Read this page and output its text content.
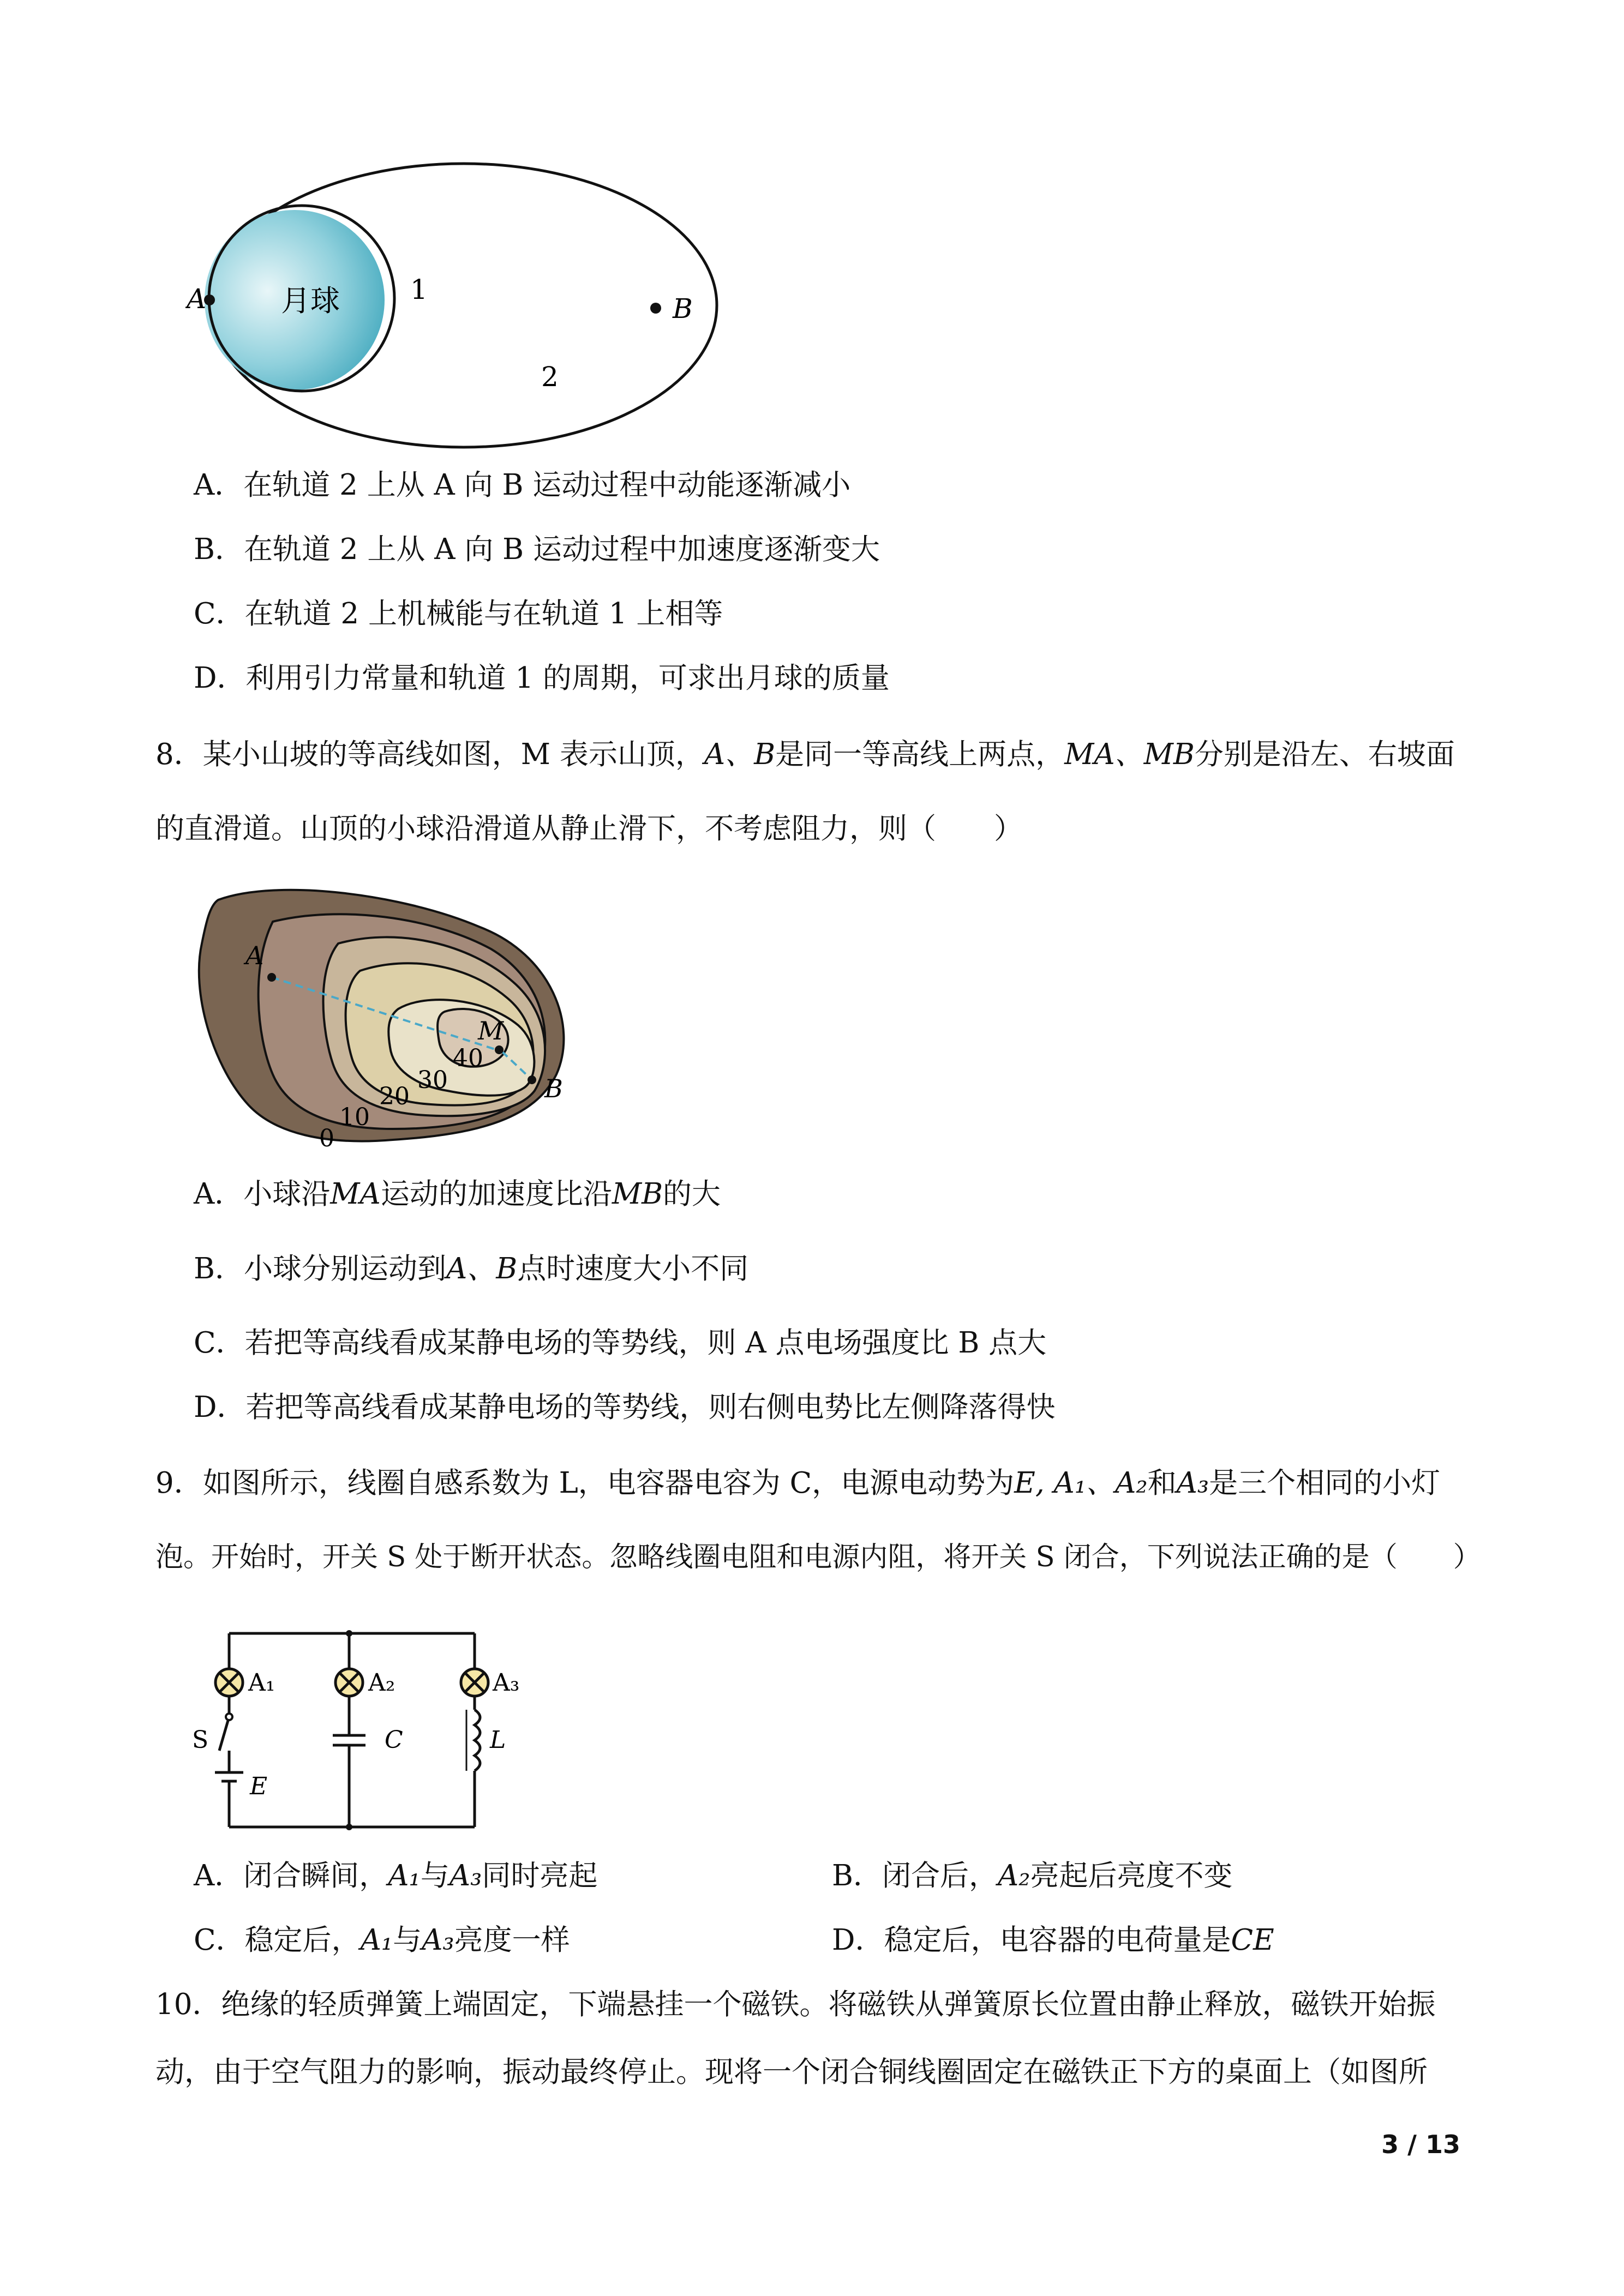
月球
A	B
1
2
A．在轨道 2 上从 A 向 B 运动过程中动能逐渐减小
B．在轨道 2 上从 A 向 B 运动过程中加速度逐渐变大
C．在轨道 2 上机械能与在轨道 1 上相等
D．利用引力常量和轨道 1 的周期，可求出月球的质量
8．某小山坡的等高线如图，M 表示山顶，A、B是同一等高线上两点，MA、MB分别是沿左、右坡面
的直滑道。山顶的小球沿滑道从静止滑下，不考虑阻力，则（　　）
A
M
B
40
30
20
10
0
A．小球沿MA运动的加速度比沿MB的大
B．小球分别运动到A、B点时速度大小不同
C．若把等高线看成某静电场的等势线，则 A 点电场强度比 B 点大
D．若把等高线看成某静电场的等势线，则右侧电势比左侧降落得快
9．如图所示，线圈自感系数为 L，电容器电容为 C，电源电动势为E, A₁、A₂和A₃是三个相同的小灯
泡。开始时，开关 S 处于断开状态。忽略线圈电阻和电源内阻，将开关 S 闭合，下列说法正确的是（　　）
A₁	A₂	A₃
S	C	L
E
A．闭合瞬间，A₁与A₃同时亮起	B．闭合后，A₂亮起后亮度不变
C．稳定后，A₁与A₃亮度一样	D．稳定后，电容器的电荷量是CE
10．绝缘的轻质弹簧上端固定，下端悬挂一个磁铁。将磁铁从弹簧原长位置由静止释放，磁铁开始振
动，由于空气阻力的影响，振动最终停止。现将一个闭合铜线圈固定在磁铁正下方的桌面上（如图所
3 / 13
